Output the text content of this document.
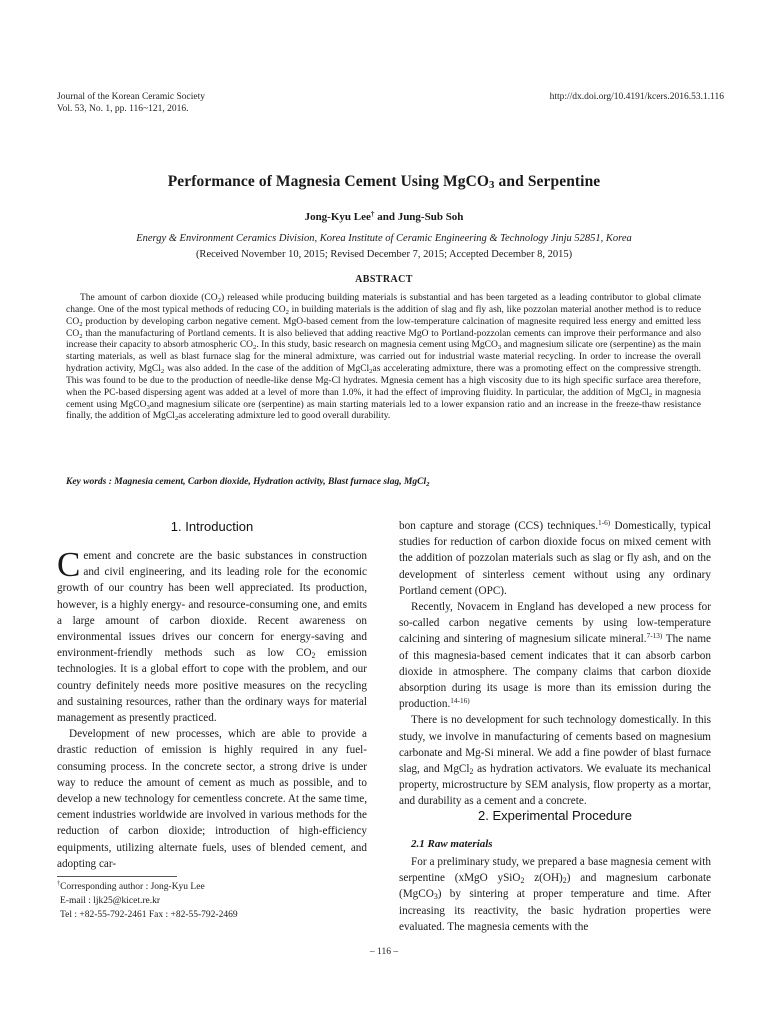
Journal of the Korean Ceramic Society
Vol. 53, No. 1, pp. 116~121, 2016.
http://dx.doi.org/10.4191/kcers.2016.53.1.116
Performance of Magnesia Cement Using MgCO$_3$ and Serpentine
Jong-Kyu Lee† and Jung-Sub Soh
Energy & Environment Ceramics Division, Korea Institute of Ceramic Engineering & Technology Jinju 52851, Korea
(Received November 10, 2015; Revised December 7, 2015; Accepted December 8, 2015)
ABSTRACT

The amount of carbon dioxide $(CO_2)$ released while producing building materials is substantial and has been targeted as a leading contributor to global climate change. One of the most typical methods of reducing $CO_2$ in building materials is the addition of slag and fly ash, like pozzolan material another method is to reduce $CO_2$ production by developing carbon negative cement. MgO-based cement from the low-temperature calcination of magnesite required less energy and emitted less $CO_2$ than the manufacturing of Portland cements. It is also believed that adding reactive MgO to Portland-pozzolan cements can improve their performance and also increase their capacity to absorb atmospheric $CO_2$. In this study, basic research on magnesia cement using MgCO$_3$ and magnesium silicate ore (serpentine) as the main starting materials, as well as blast furnace slag for the mineral admixture, was carried out for industrial waste material recycling. In order to increase the overall hydration activity, MgCl$_2$ was also added. In the case of the addition of MgCl$_2$as accelerating admixture, there was a promoting effect on the compressive strength. This was found to be due to the production of needle-like dense Mg-Cl hydrates. Mgnesia cement has a high viscosity due to its high specific surface area therefore, when the PC-based dispersing agent was added at a level of more than 1.0%, it had the effect of improving fluidity. In particular, the addition of MgCl$_2$ in magnesia cement using MgCO$_3$and magnesium silicate ore (serpentine) as main starting materials led to a lower expansion ratio and an increase in the freeze-thaw resistance finally, the addition of MgCl$_2$as accelerating admixture led to good overall durability.

Key words : Magnesia cement, Carbon dioxide, Hydration activity, Blast furnace slag, MgCl$_2$
1. Introduction

Cement and concrete are the basic substances in construction and civil engineering, and its leading role for the economic growth of our country has been well appreciated. Its production, however, is a highly energy- and resource-consuming one, and emits a large amount of carbon dioxide. Recent awareness on environmental issues drives our concern for energy-saving and environment-friendly methods such as low $CO_2$ emission technologies. It is a global effort to cope with the problem, and our country definitely needs more positive measures on the recycling and sustaining resources, rather than the ordinary ways for material management as presently practiced.

Development of new processes, which are able to provide a drastic reduction of emission is highly required in any fuel-consuming process. In the concrete sector, a strong drive is under way to reduce the amount of cement as much as possible, and to develop a new technology for cementless concrete. At the same time, cement industries worldwide are involved in various methods for the reduction of carbon dioxide; introduction of high-efficiency equipments, utilizing alternate fuels, uses of blended cement, and adopting car-

bon capture and storage (CCS) techniques.$^{1-6)}$ Domestically, typical studies for reduction of carbon dioxide focus on mixed cement with the addition of pozzolan materials such as slag or fly ash, and on the development of sinterless cement without using any ordinary Portland cement (OPC).

Recently, Novacem in England has developed a new process for so-called carbon negative cements by using low-temperature calcining and sintering of magnesium silicate mineral.$^{7-13)}$ The name of this magnesia-based cement indicates that it can absorb carbon dioxide in atmosphere. The company claims that carbon dioxide absorption during its usage is more than its emission during the production.$^{14-16)}$

There is no development for such technology domestically. In this study, we involve in manufacturing of cements based on magnesium carbonate and Mg-Si mineral. We add a fine powder of blast furnace slag, and MgCl$_2$ as hydration activators. We evaluate its mechanical property, microstructure by SEM analysis, flow property as a mortar, and durability as a cement and a concrete.

2. Experimental Procedure
2.1 Raw materials

For a preliminary study, we prepared a base magnesia cement with serpentine (xMgO ySiO$_2$ $z(OH)_2$) and magnesium carbonate (MgCO$_3$) by sintering at proper temperature and time. After increasing its reactivity, the basic hydration properties were evaluated. The magnesia cements with the

†Corresponding author : Jong-Kyu Lee
E-mail : ljk25@kicet.re.kr
Tel : +82-55-792-2461 Fax : +82-55-792-2469
– 116 –
